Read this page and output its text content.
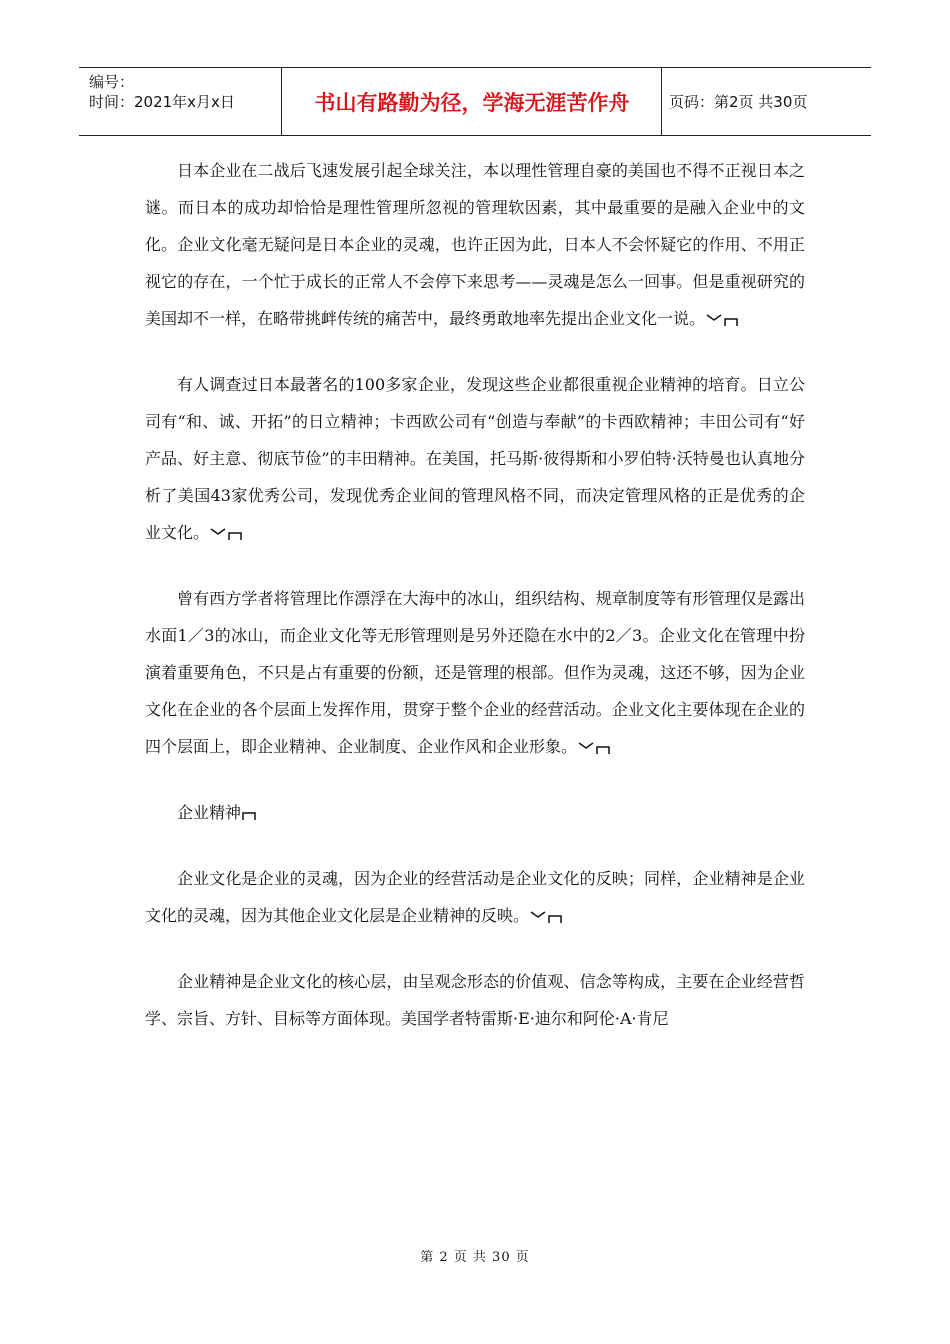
编号：
时间：2021年x月x日	书山有路勤为径，学海无涯苦作舟	页码：第2页 共30页

日本企业在二战后飞速发展引起全球关注，本以理性管理自豪的美国也不得不正视日本之谜。而日本的成功却恰恰是理性管理所忽视的管理软因素，其中最重要的是融入企业中的文化。企业文化毫无疑问是日本企业的灵魂，也许正因为此，日本人不会怀疑它的作用、不用正视它的存在，一个忙于成长的正常人不会停下来思考——灵魂是怎么一回事。但是重视研究的美国却不一样，在略带挑衅传统的痛苦中，最终勇敢地率先提出企业文化一说。

有人调查过日本最著名的100多家企业，发现这些企业都很重视企业精神的培育。日立公司有“和、诚、开拓”的日立精神；卡西欧公司有“创造与奉献”的卡西欧精神；丰田公司有“好产品、好主意、彻底节俭”的丰田精神。在美国，托马斯·彼得斯和小罗伯特·沃特曼也认真地分析了美国43家优秀公司，发现优秀企业间的管理风格不同，而决定管理风格的正是优秀的企业文化。

曾有西方学者将管理比作漂浮在大海中的冰山，组织结构、规章制度等有形管理仅是露出水面1／3的冰山，而企业文化等无形管理则是另外还隐在水中的2／3。企业文化在管理中扮演着重要角色，不只是占有重要的份额，还是管理的根部。但作为灵魂，这还不够，因为企业文化在企业的各个层面上发挥作用，贯穿于整个企业的经营活动。企业文化主要体现在企业的四个层面上，即企业精神、企业制度、企业作风和企业形象。

企业精神

企业文化是企业的灵魂，因为企业的经营活动是企业文化的反映；同样，企业精神是企业文化的灵魂，因为其他企业文化层是企业精神的反映。

企业精神是企业文化的核心层，由呈观念形态的价值观、信念等构成，主要在企业经营哲学、宗旨、方针、目标等方面体现。美国学者特雷斯·E·迪尔和阿伦·A·肯尼

第 2 页 共 30 页
